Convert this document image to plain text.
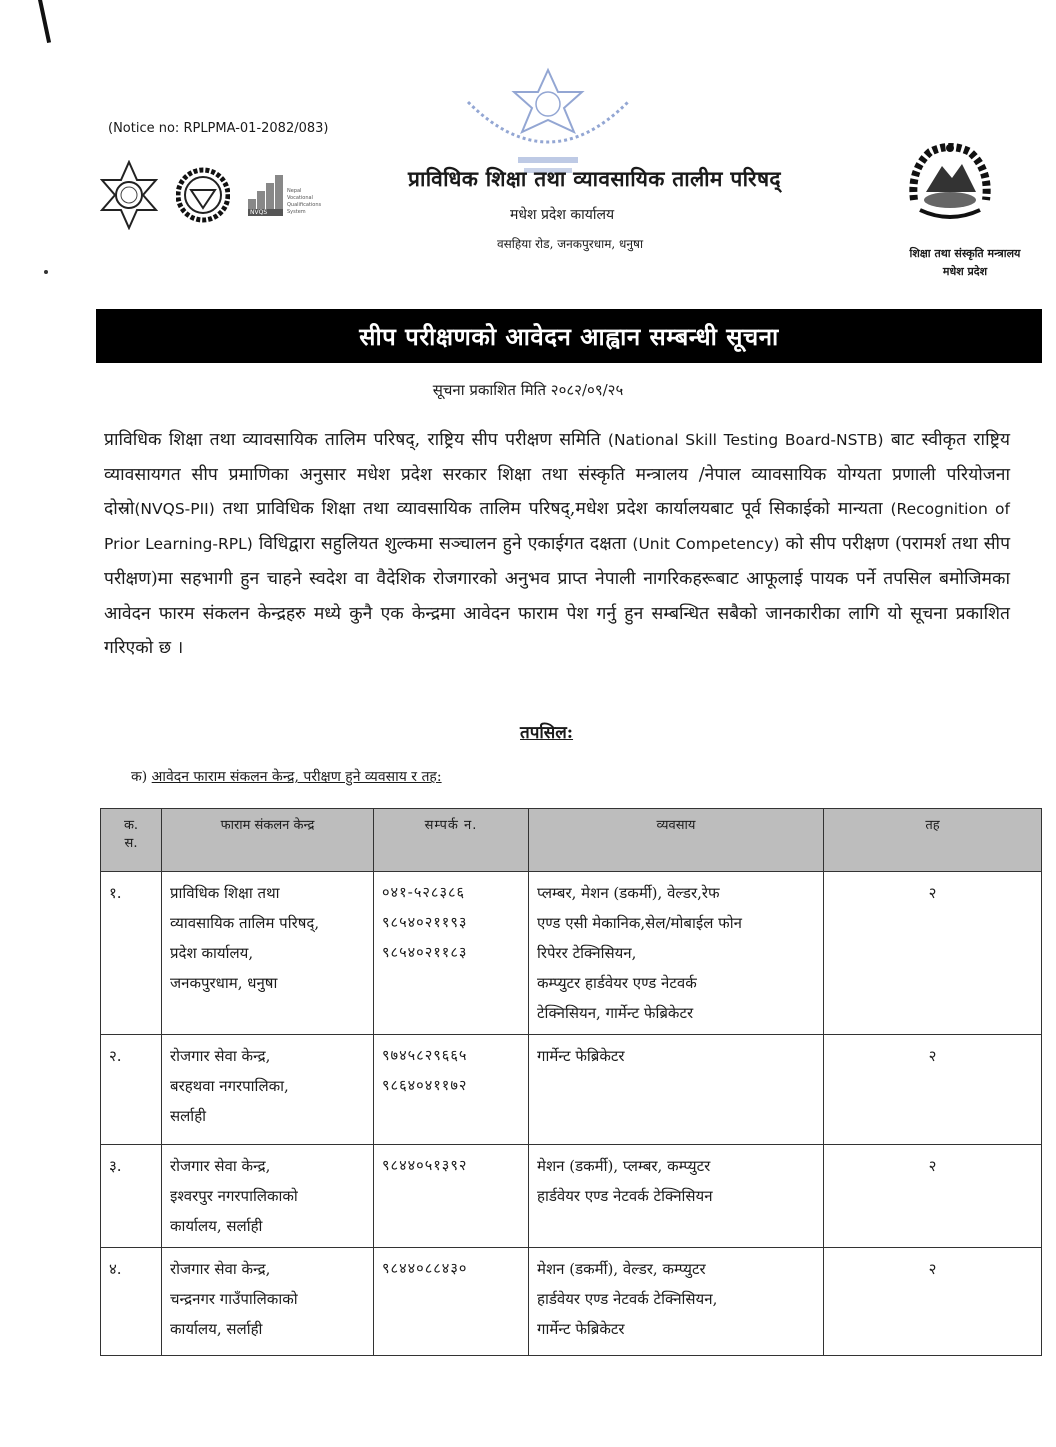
(Notice no: RPLPMA-01-2082/083)
NVQS
Nepal
Vocational
Qualifications
System
प्राविधिक शिक्षा तथा व्यावसायिक तालीम परिषद्
मधेश प्रदेश कार्यालय
वसहिया रोड, जनकपुरधाम, धनुषा
शिक्षा तथा संस्कृति मन्त्रालय
मधेश प्रदेश
सीप परीक्षणको आवेदन आह्वान सम्बन्धी सूचना
सूचना प्रकाशित मिति २०८२/०९/२५
प्राविधिक शिक्षा तथा व्यावसायिक तालिम परिषद्, राष्ट्रिय सीप परीक्षण समिति (National Skill Testing Board-NSTB) बाट स्वीकृत राष्ट्रिय व्यावसायगत सीप प्रमाणिका अनुसार मधेश प्रदेश सरकार शिक्षा तथा संस्कृति मन्त्रालय /नेपाल व्यावसायिक योग्यता प्रणाली परियोजना दोस्रो(NVQS-PII) तथा प्राविधिक शिक्षा तथा व्यावसायिक तालिम परिषद्,मधेश प्रदेश कार्यालयबाट पूर्व सिकाईको मान्यता (Recognition of Prior Learning-RPL) विधिद्वारा सहुलियत शुल्कमा सञ्चालन हुने एकाईगत दक्षता (Unit Competency) को सीप परीक्षण (परामर्श तथा सीप परीक्षण)मा सहभागी हुन चाहने स्वदेश वा वैदेशिक रोजगारको अनुभव प्राप्त नेपाली नागरिकहरूबाट आफूलाई पायक पर्ने तपसिल बमोजिमका आवेदन फारम संकलन केन्द्रहरु मध्ये कुनै एक केन्द्रमा आवेदन फाराम पेश गर्नु हुन सम्बन्धित सबैको जानकारीका लागि यो सूचना प्रकाशित गरिएको छ ।
तपसिल:
क) आवेदन फाराम संकलन केन्द्र, परीक्षण हुने व्यवसाय र तह:
क.
स.	फाराम संकलन केन्द्र	सम्पर्क न.	व्यवसाय	तह
१.	प्राविधिक शिक्षा तथा
व्यावसायिक तालिम परिषद्,
प्रदेश कार्यालय,
जनकपुरधाम, धनुषा	०४१-५२८३८६
९८५४०२११९३
९८५४०२११८३	प्लम्बर, मेशन (डकर्मी), वेल्डर,रेफ
एण्ड एसी मेकानिक,सेल/मोबाईल फोन
रिपेरर टेक्निसियन,
कम्प्युटर हार्डवेयर एण्ड नेटवर्क
टेक्निसियन, गार्मेन्ट फेब्रिकेटर	२
२.	रोजगार सेवा केन्द्र,
बरहथवा नगरपालिका,
सर्लाही	९७४५८२९६६५
९८६४०४११७२	गार्मेन्ट फेब्रिकेटर	२
३.	रोजगार सेवा केन्द्र,
इश्वरपुर नगरपालिकाको
कार्यालय, सर्लाही	९८४४०५१३९२	मेशन (डकर्मी), प्लम्बर, कम्प्युटर
हार्डवेयर एण्ड नेटवर्क टेक्निसियन	२
४.	रोजगार सेवा केन्द्र,
चन्द्रनगर गाउँपालिकाको
कार्यालय, सर्लाही	९८४४०८८४३०	मेशन (डकर्मी), वेल्डर, कम्प्युटर
हार्डवेयर एण्ड नेटवर्क टेक्निसियन,
गार्मेन्ट फेब्रिकेटर	२
